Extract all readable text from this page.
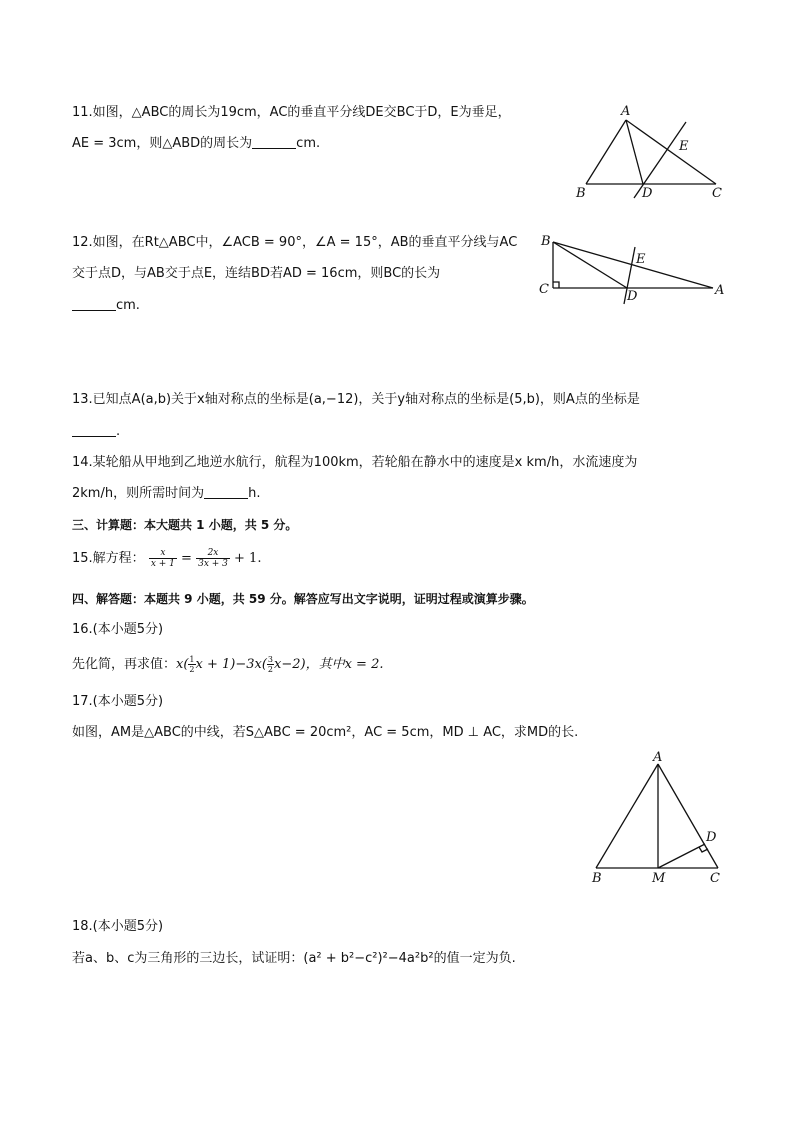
11.如图，△ABC的周长为19cm，AC的垂直平分线DE交BC于D，E为垂足，
AE = 3cm，则△ABD的周长为	cm.
A
B	C
D
E
12.如图，在Rt△ABC中，∠ACB = 90°，∠A = 15°，AB的垂直平分线与AC
交于点D，与AB交于点E，连结BD若AD = 16cm，则BC的长为
cm.
B
C	A
D
E
13.已知点A(a,b)关于x轴对称点的坐标是(a,−12)，关于y轴对称点的坐标是(5,b)，则A点的坐标是
.
14.某轮船从甲地到乙地逆水航行，航程为100km，若轮船在静水中的速度是x km/h，水流速度为
2km/h，则所需时间为	h.
三、计算题：本大题共 1 小题，共 5 分。
15.解方程： $\frac{x}{x + 1} = \frac{2x}{3x + 3} + 1$.
四、解答题：本题共 9 小题，共 59 分。解答应写出文字说明，证明过程或演算步骤。
16.(本小题5分)
先化简，再求值：$x( \frac{1}{2}$ $x + 1)-3x( \frac{3}{2} x-2)$，其中x = 2.
17.(本小题5分)
如图，AM是△ABC的中线，若S△ABC = 20cm²，AC = 5cm，MD ⊥ AC，求MD的长.
A
B	M	C
D
18.(本小题5分)
若a、b、c为三角形的三边长，试证明：(a² + b²−c²)²−4a²b²的值一定为负.
